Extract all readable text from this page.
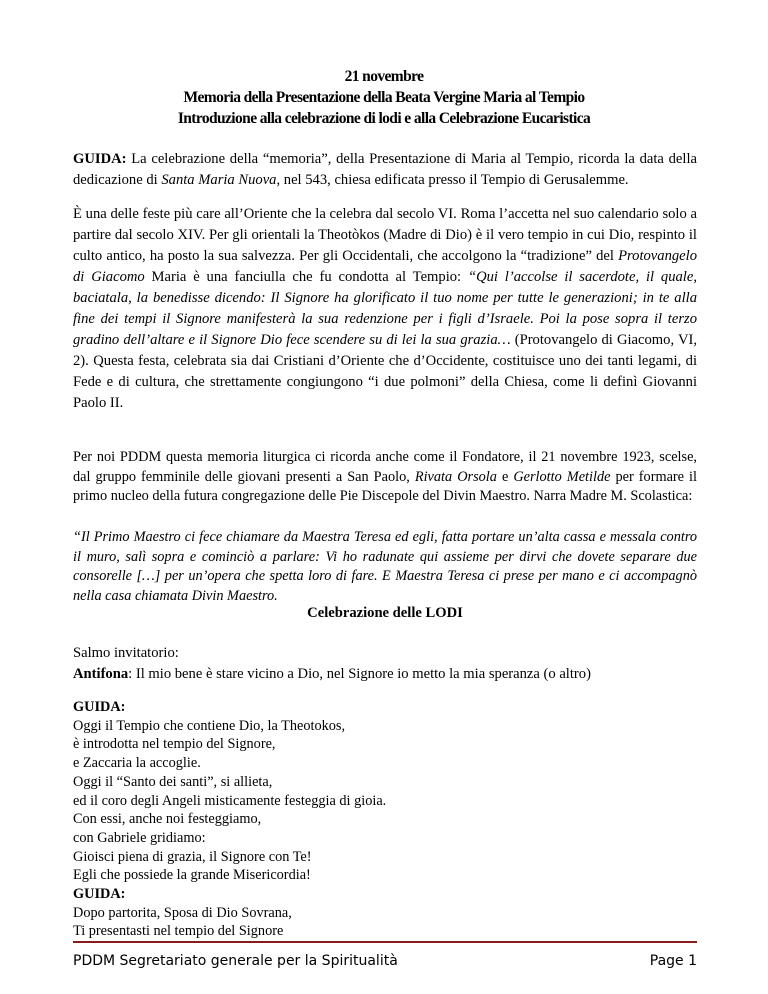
21 novembre
Memoria della Presentazione della Beata Vergine Maria al Tempio
Introduzione alla celebrazione di lodi e alla Celebrazione Eucaristica

GUIDA: La celebrazione della “memoria”, della Presentazione di Maria al Tempio, ricorda la data della dedicazione di Santa Maria Nuova, nel 543, chiesa edificata presso il Tempio di Gerusalemme.

È una delle feste più care all’Oriente che la celebra dal secolo VI. Roma l’accetta nel suo calendario solo a partire dal secolo XIV. Per gli orientali la Theotòkos (Madre di Dio) è il vero tempio in cui Dio, respinto il culto antico, ha posto la sua salvezza. Per gli Occidentali, che accolgono la “tradizione” del Protovangelo di Giacomo Maria è una fanciulla che fu condotta al Tempio: “Qui l’accolse il sacerdote, il quale, baciatala, la benedisse dicendo: Il Signore ha glorificato il tuo nome per tutte le generazioni; in te alla fine dei tempi il Signore manifesterà la sua redenzione per i figli d’Israele. Poi la pose sopra il terzo gradino dell’altare e il Signore Dio fece scendere su di lei la sua grazia… (Protovangelo di Giacomo, VI, 2). Questa festa, celebrata sia dai Cristiani d’Oriente che d’Occidente, costituisce uno dei tanti legami, di Fede e di cultura, che strettamente congiungono “i due polmoni” della Chiesa, come li definì Giovanni Paolo II.

Per noi PDDM questa memoria liturgica ci ricorda anche come il Fondatore, il 21 novembre 1923, scelse, dal gruppo femminile delle giovani presenti a San Paolo, Rivata Orsola e Gerlotto Metilde per formare il primo nucleo della futura congregazione delle Pie Discepole del Divin Maestro. Narra Madre M. Scolastica:

“Il Primo Maestro ci fece chiamare da Maestra Teresa ed egli, fatta portare un’alta cassa e messala contro il muro, salì sopra e cominciò a parlare: Vi ho radunate qui assieme per dirvi che dovete separare due consorelle […] per un’opera che spetta loro di fare. E Maestra Teresa ci prese per mano e ci accompagnò nella casa chiamata Divin Maestro.

Celebrazione delle LODI
Salmo invitatorio:
Antifona: Il mio bene è stare vicino a Dio, nel Signore io metto la mia speranza (o altro)
GUIDA:
Oggi il Tempio che contiene Dio, la Theotokos,
è introdotta nel tempio del Signore,
e Zaccaria la accoglie.
Oggi il “Santo dei santi”, si allieta,
ed il coro degli Angeli misticamente festeggia di gioia.
Con essi, anche noi festeggiamo,
con Gabriele gridiamo:
Gioisci piena di grazia, il Signore con Te!
Egli che possiede la grande Misericordia!
GUIDA:
Dopo partorita, Sposa di Dio Sovrana,
Ti presentasti nel tempio del Signore
PDDM Segretariato generale per la Spiritualità	Page 1
